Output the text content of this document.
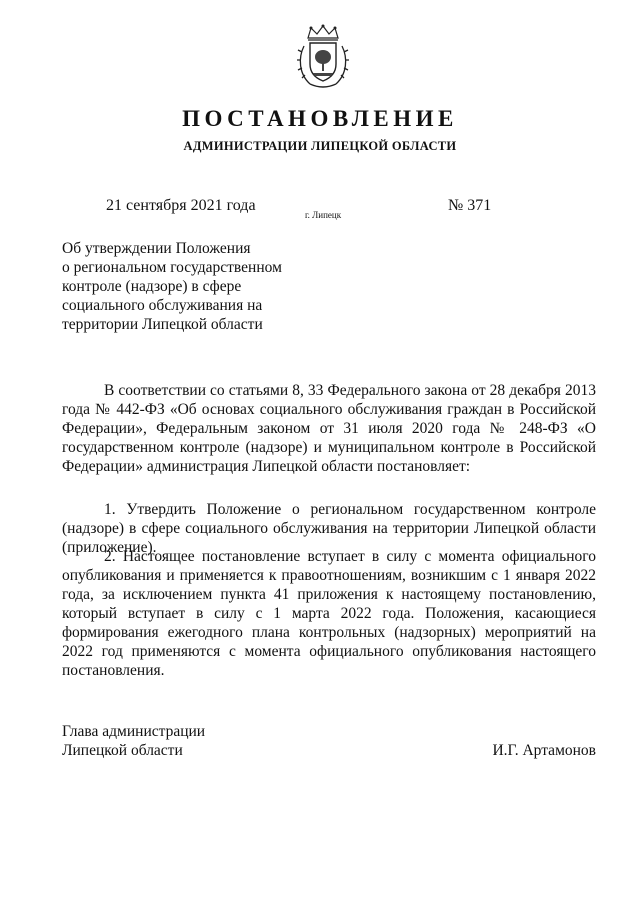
ПОСТАНОВЛЕНИЕ
АДМИНИСТРАЦИИ ЛИПЕЦКОЙ ОБЛАСТИ
21 сентября 2021 года
г. Липецк
№ 371
Об утверждении Положения
о региональном государственном
контроле (надзоре) в сфере
социального обслуживания на
территории Липецкой области
В соответствии со статьями 8, 33 Федерального закона от 28 декабря 2013 года № 442-ФЗ «Об основах социального обслуживания граждан в Российской Федерации», Федеральным законом от 31 июля 2020 года № 248-ФЗ «О государственном контроле (надзоре) и муниципальном контроле в Российской Федерации» администрация Липецкой области постановляет:
1. Утвердить Положение о региональном государственном контроле (надзоре) в сфере социального обслуживания на территории Липецкой области (приложение).
2. Настоящее постановление вступает в силу с момента официального опубликования и применяется к правоотношениям, возникшим с 1 января 2022 года, за исключением пункта 41 приложения к настоящему постановлению, который вступает в силу с 1 марта 2022 года. Положения, касающиеся формирования ежегодного плана контрольных (надзорных) мероприятий на 2022 год применяются с момента официального опубликования настоящего постановления.
Глава администрации
Липецкой области	И.Г. Артамонов
